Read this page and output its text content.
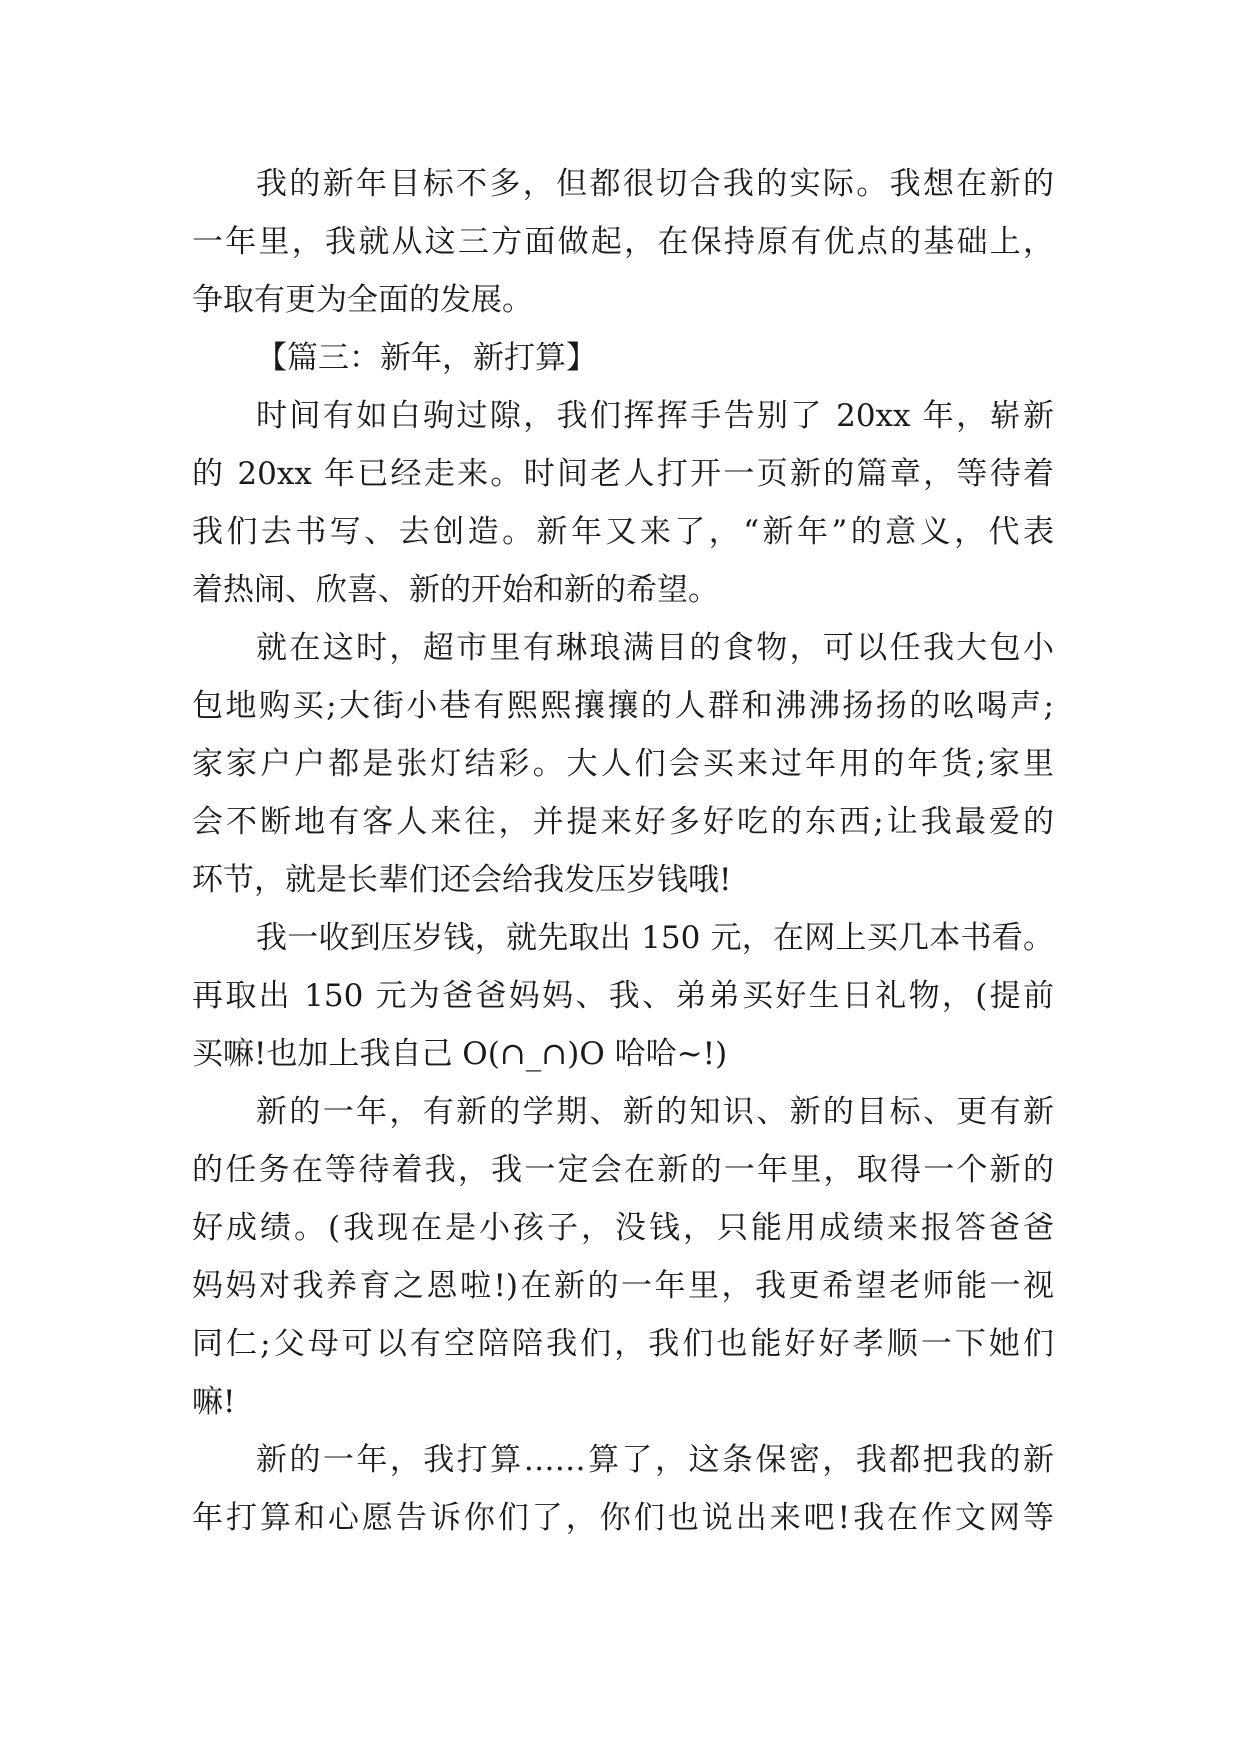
我的新年目标不多，但都很切合我的实际。我想在新的
一年里，我就从这三方面做起，在保持原有优点的基础上，
争取有更为全面的发展。
【篇三：新年，新打算】
时间有如白驹过隙，我们挥挥手告别了 20xx 年，崭新
的 20xx 年已经走来。时间老人打开一页新的篇章，等待着
我们去书写、去创造。新年又来了，“新年”的意义，代表
着热闹、欣喜、新的开始和新的希望。
就在这时，超市里有琳琅满目的食物，可以任我大包小
包地购买;大街小巷有熙熙攘攘的人群和沸沸扬扬的吆喝声;
家家户户都是张灯结彩。大人们会买来过年用的年货;家里
会不断地有客人来往，并提来好多好吃的东西;让我最爱的
环节，就是长辈们还会给我发压岁钱哦!
我一收到压岁钱，就先取出 150 元，在网上买几本书看。
再取出 150 元为爸爸妈妈、我、弟弟买好生日礼物，(提前
买嘛!也加上我自己 O(∩_∩)O 哈哈~!)
新的一年，有新的学期、新的知识、新的目标、更有新
的任务在等待着我，我一定会在新的一年里，取得一个新的
好成绩。(我现在是小孩子，没钱，只能用成绩来报答爸爸
妈妈对我养育之恩啦!)在新的一年里，我更希望老师能一视
同仁;父母可以有空陪陪我们，我们也能好好孝顺一下她们
嘛!
新的一年，我打算……算了，这条保密，我都把我的新
年打算和心愿告诉你们了，你们也说出来吧!我在作文网等
